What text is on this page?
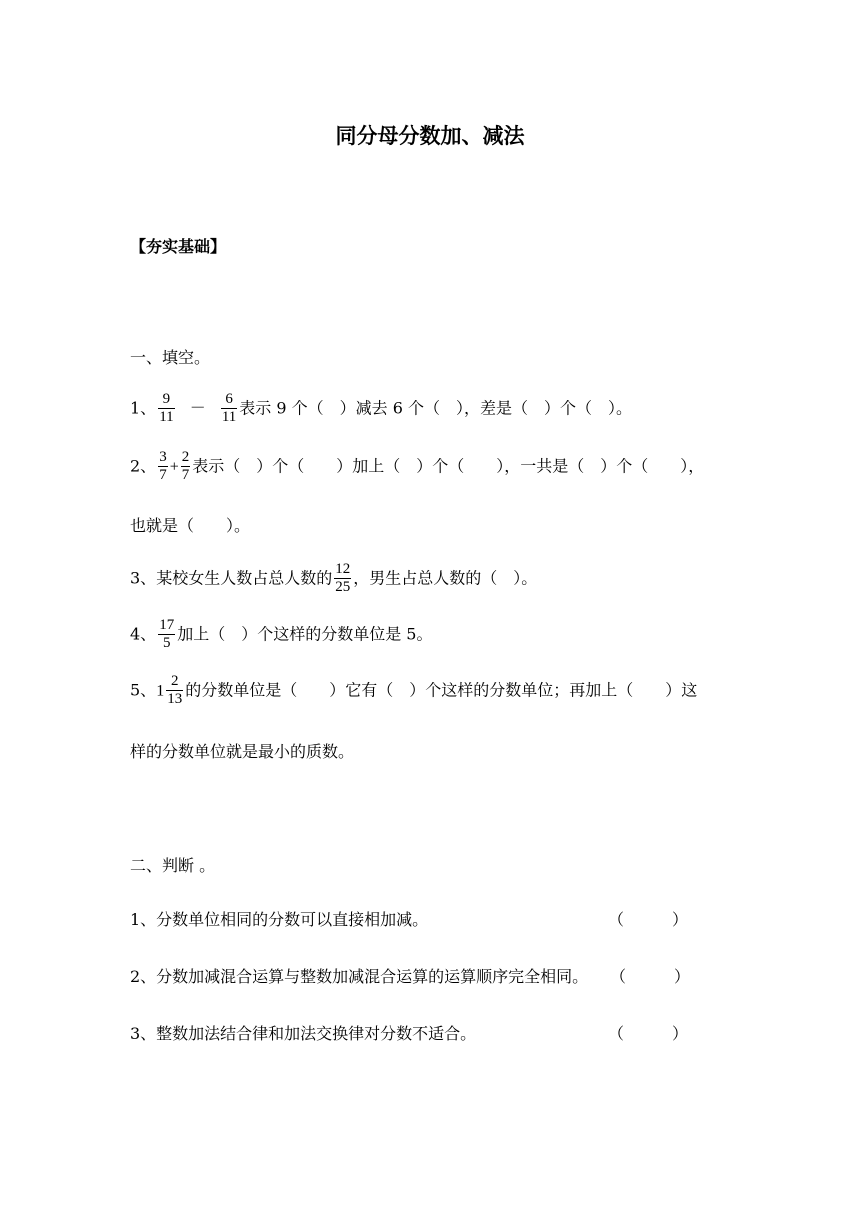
同分母分数加、减法
【夯实基础】
一、填空。
1、 $\frac{9}{11} - \frac{6}{11}$ 表示 9 个（　）减去 6 个（　），差是（　）个（　）。
2、 $\frac{3}{7} + \frac{2}{7}$ 表示（　）个（　　）加上（　）个（　　），一共是（　）个（　　），
也就是（　　）。
3、某校女生人数占总人数的 $\frac{12}{25}$ ，男生占总人数的（　）。
4、 $\frac{17}{5}$ 加上（　）个这样的分数单位是 5。
5、$1 \frac{2}{13}$ 的分数单位是（　　）它有（　）个这样的分数单位；再加上（　　）这
样的分数单位就是最小的质数。
二、判断 。
1、分数单位相同的分数可以直接相加减。	（　　　）
2、分数加减混合运算与整数加减混合运算的运算顺序完全相同。 （　　　）
3、整数加法结合律和加法交换律对分数不适合。	（　　　）
